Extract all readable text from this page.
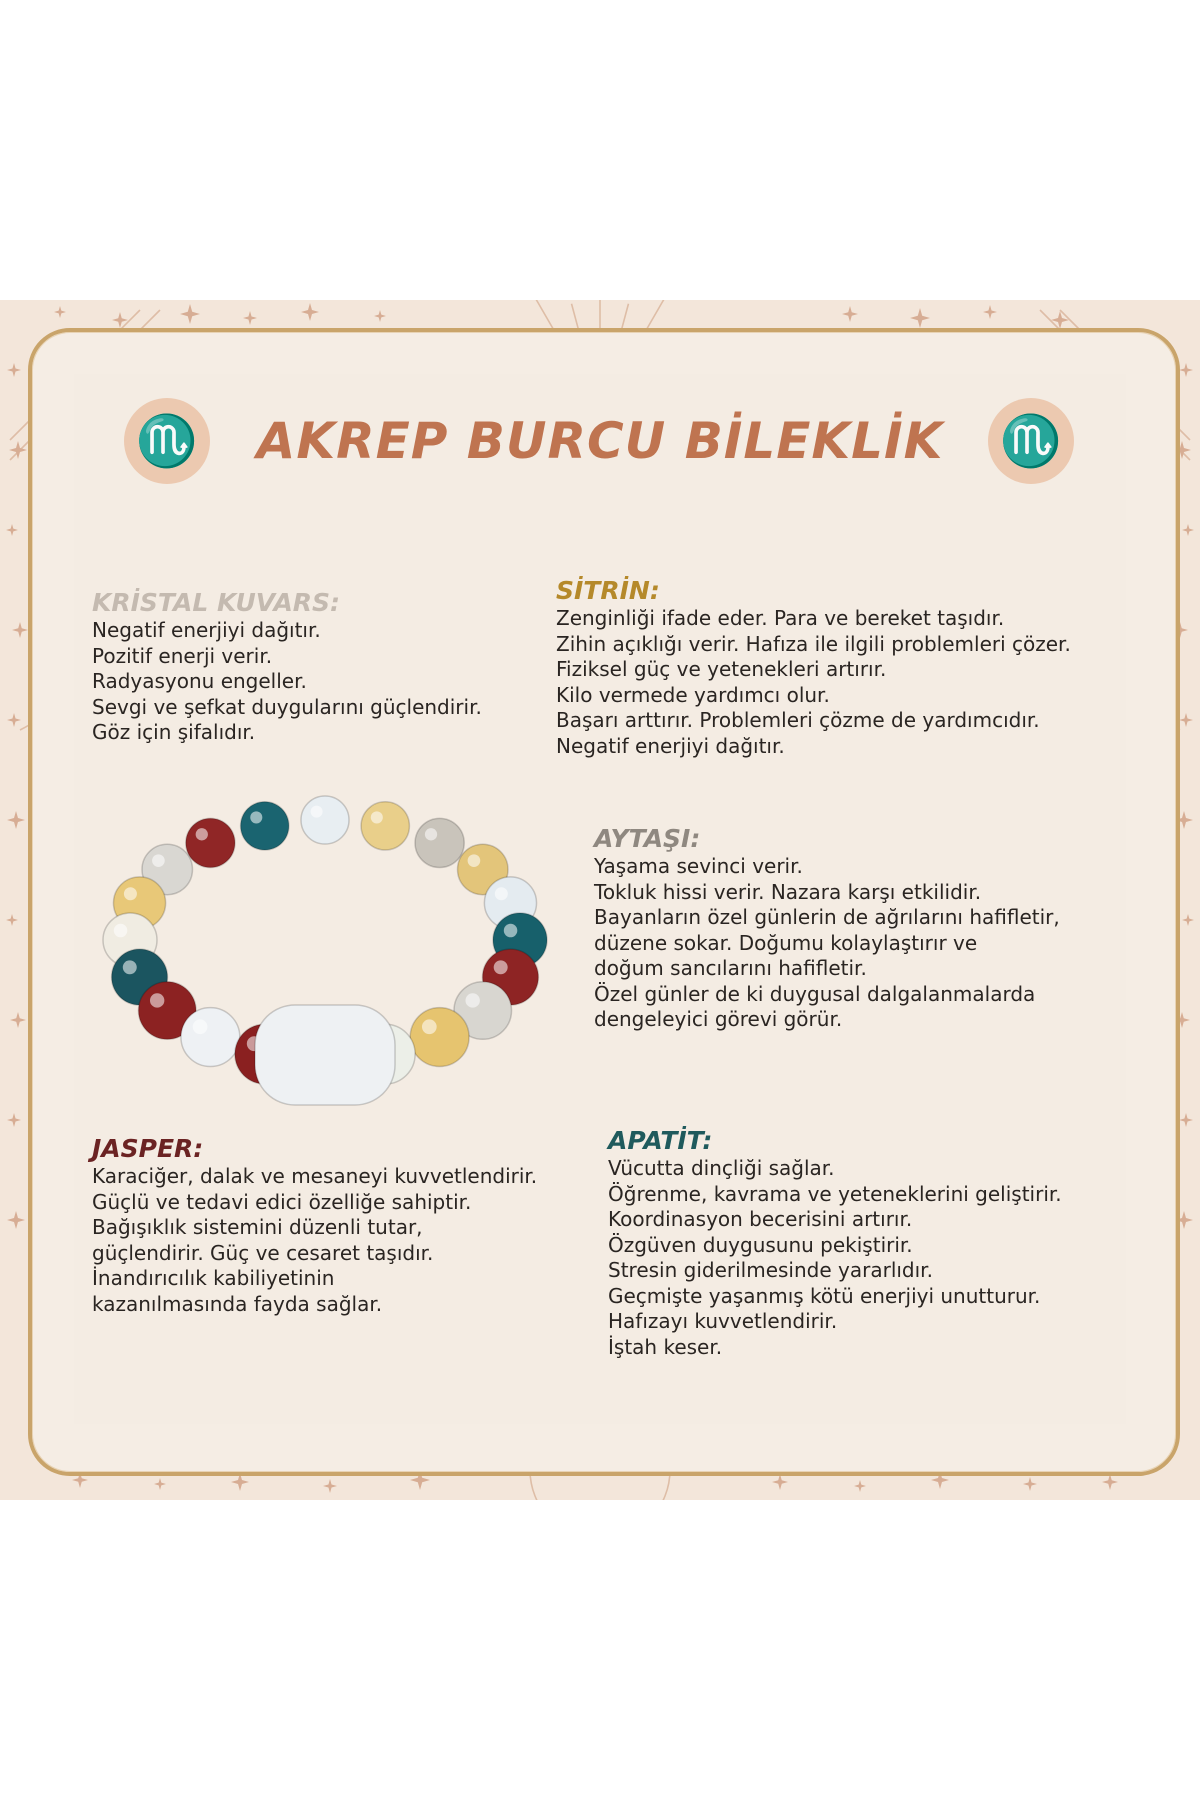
♏	AKREP BURCU BİLEKLİK	♏
KRİSTAL KUVARS:
Negatif enerjiyi dağıtır.
Pozitif enerji verir.
Radyasyonu engeller.
Sevgi ve şefkat duygularını güçlendirir.
Göz için şifalıdır.
SİTRİN:
Zenginliği ifade eder. Para ve bereket taşıdır.
Zihin açıklığı verir. Hafıza ile ilgili problemleri çözer.
Fiziksel güç ve yetenekleri artırır.
Kilo vermede yardımcı olur.
Başarı arttırır. Problemleri çözme de yardımcıdır.
Negatif enerjiyi dağıtır.
AYTAŞI:
Yaşama sevinci verir.
Tokluk hissi verir. Nazara karşı etkilidir.
Bayanların özel günlerin de ağrılarını hafifletir,
düzene sokar. Doğumu kolaylaştırır ve
doğum sancılarını hafifletir.
Özel günler de ki duygusal dalgalanmalarda
dengeleyici görevi görür.
JASPER:
Karaciğer, dalak ve mesaneyi kuvvetlendirir.
Güçlü ve tedavi edici özelliğe sahiptir.
Bağışıklık sistemini düzenli tutar,
güçlendirir. Güç ve cesaret taşıdır.
İnandırıcılık kabiliyetinin
kazanılmasında fayda sağlar.
APATİT:
Vücutta dinçliği sağlar.
Öğrenme, kavrama ve yeteneklerini geliştirir.
Koordinasyon becerisini artırır.
Özgüven duygusunu pekiştirir.
Stresin giderilmesinde yararlıdır.
Geçmişte yaşanmış kötü enerjiyi unutturur.
Hafızayı kuvvetlendirir.
İştah keser.
